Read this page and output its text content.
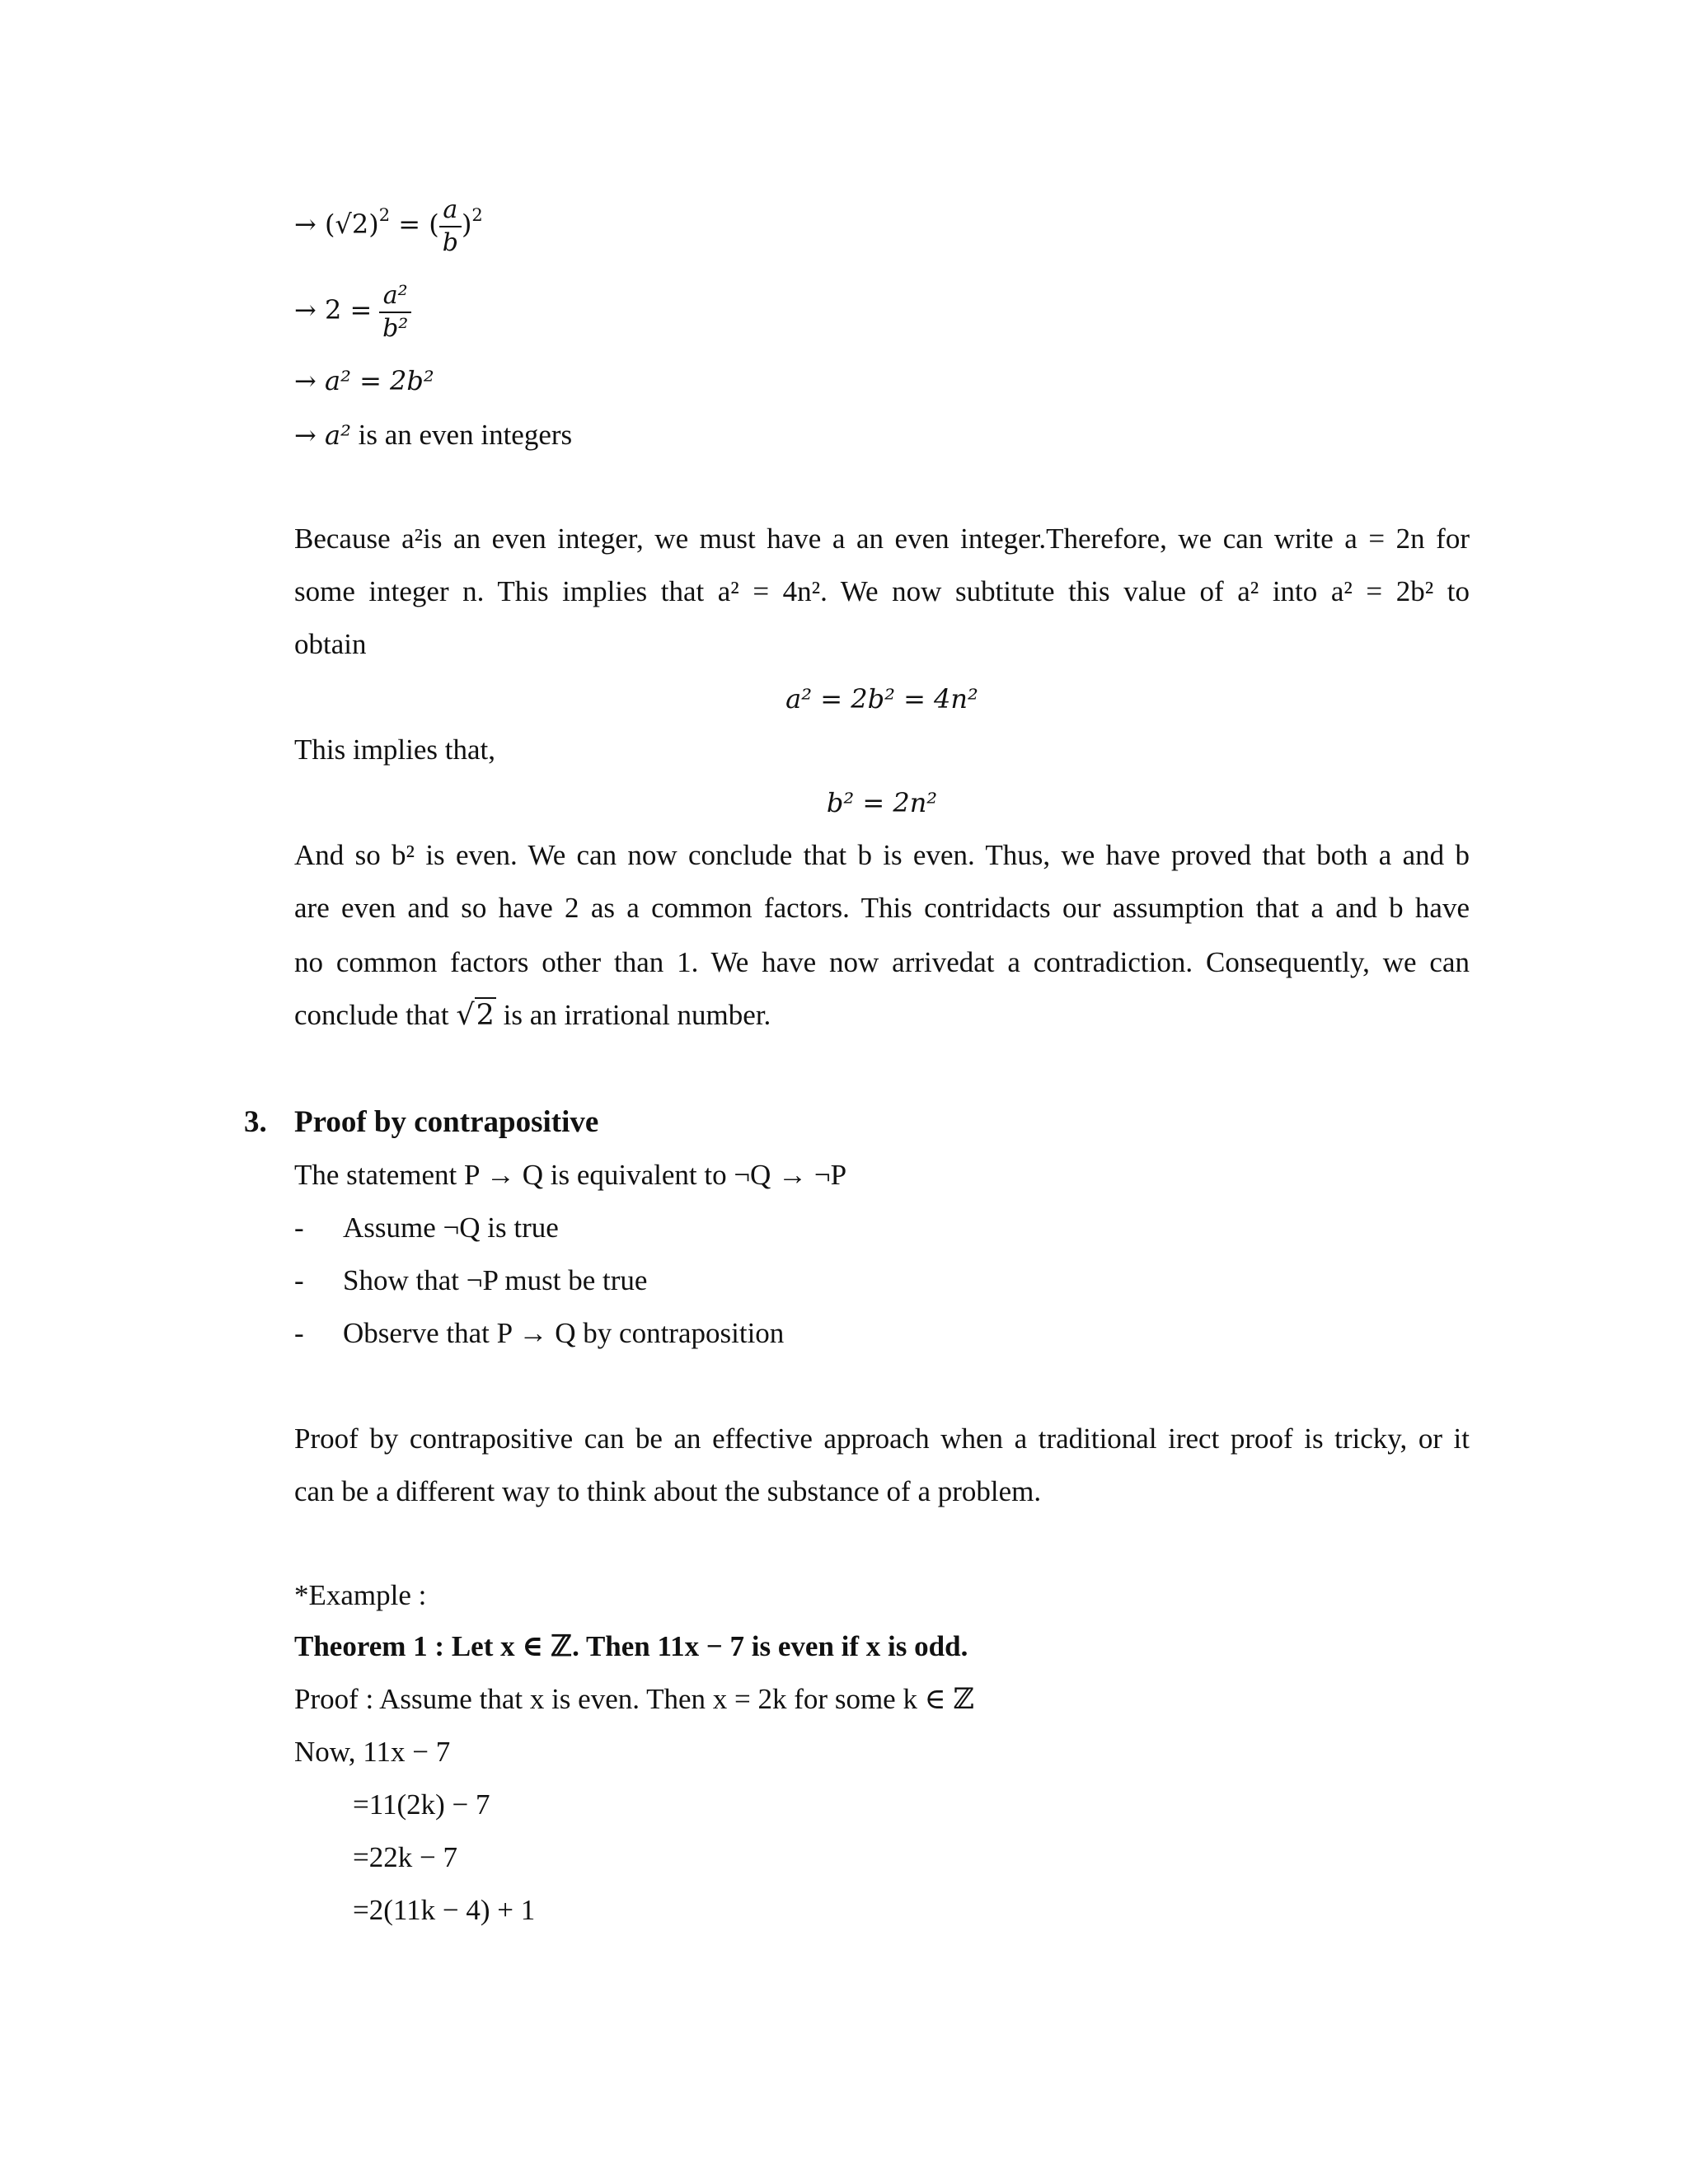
→ $(√2)^2$ = ( $\frac{a}{b} )^2$
→ $2 = \frac{\text{a²}}{\text{b²}}$
→ a² = 2b²
→ a² is an even integers
Because a²is an even integer, we must have a an even integer.Therefore, we can write a = 2n for
some integer n. This implies that a² = 4n². We now subtitute this value of a² into a² = 2b² to
obtain
a² = 2b² = 4n²
This implies that,
b² = 2n²
And so b² is even. We can now conclude that b is even. Thus, we have proved that both a and b
are even and so have 2 as a common factors. This contridacts our assumption that a and b have
no common factors other than 1. We have now arrivedat a contradiction. Consequently, we can
conclude that √2 is an irrational number.
3. Proof by contrapositive
The statement P → Q is equivalent to ¬Q → ¬P
- Assume ¬Q is true
- Show that ¬P must be true
- Observe that P → Q by contraposition
Proof by contrapositive can be an effective approach when a traditional irect proof is tricky, or it
can be a different way to think about the substance of a problem.
*Example :
Theorem 1 : Let x ∈ ℤ. Then 11x − 7 is even if x is odd.
Proof : Assume that x is even. Then x = 2k for some k ∈ ℤ
Now, 11x − 7
=11(2k) − 7
=22k − 7
=2(11k − 4) + 1
